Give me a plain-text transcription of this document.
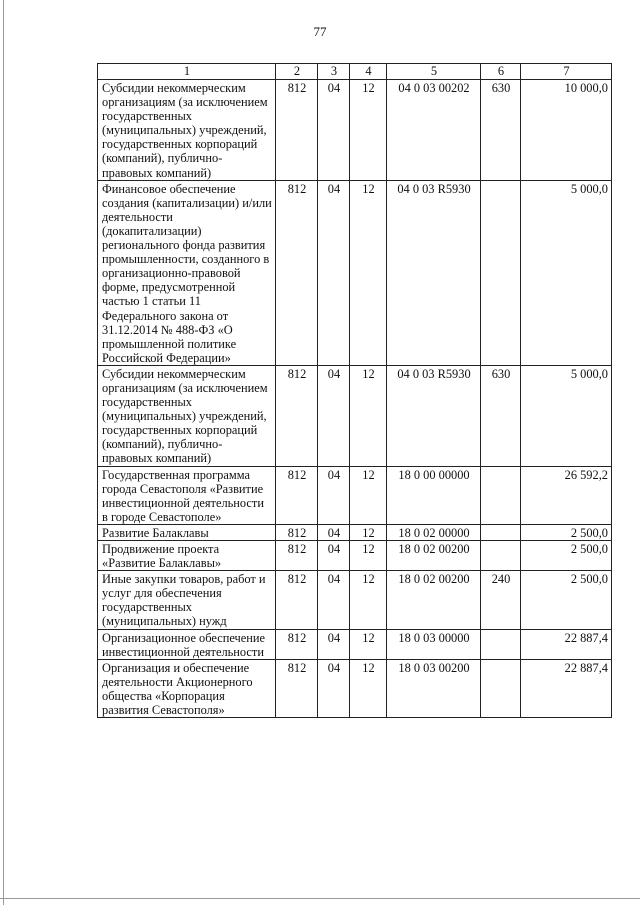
77
1	2	3	4	5	6	7
Субсидии некоммерческим организациям (за исключением государственных (муниципальных) учреждений, государственных корпораций (компаний), публично-правовых компаний)	812	04	12	04 0 03 00202	630	10 000,0
Финансовое обеспечение создания (капитализации) и/или деятельности (докапитализации) регионального фонда развития промышленности, созданного в организационно-правовой форме, предусмотренной частью 1 статьи 11 Федерального закона от 31.12.2014 № 488-ФЗ «О промышленной политике Российской Федерации»	812	04	12	04 0 03 R5930		5 000,0
Субсидии некоммерческим организациям (за исключением государственных (муниципальных) учреждений, государственных корпораций (компаний), публично-правовых компаний)	812	04	12	04 0 03 R5930	630	5 000,0
Государственная программа города Севастополя «Развитие инвестиционной деятельности в городе Севастополе»	812	04	12	18 0 00 00000		26 592,2
Развитие Балаклавы	812	04	12	18 0 02 00000		2 500,0
Продвижение проекта «Развитие Балаклавы»	812	04	12	18 0 02 00200		2 500,0
Иные закупки товаров, работ и услуг для обеспечения государственных (муниципальных) нужд	812	04	12	18 0 02 00200	240	2 500,0
Организационное обеспечение инвестиционной деятельности	812	04	12	18 0 03 00000		22 887,4
Организация и обеспечение деятельности Акционерного общества «Корпорация развития Севастополя»	812	04	12	18 0 03 00200		22 887,4
